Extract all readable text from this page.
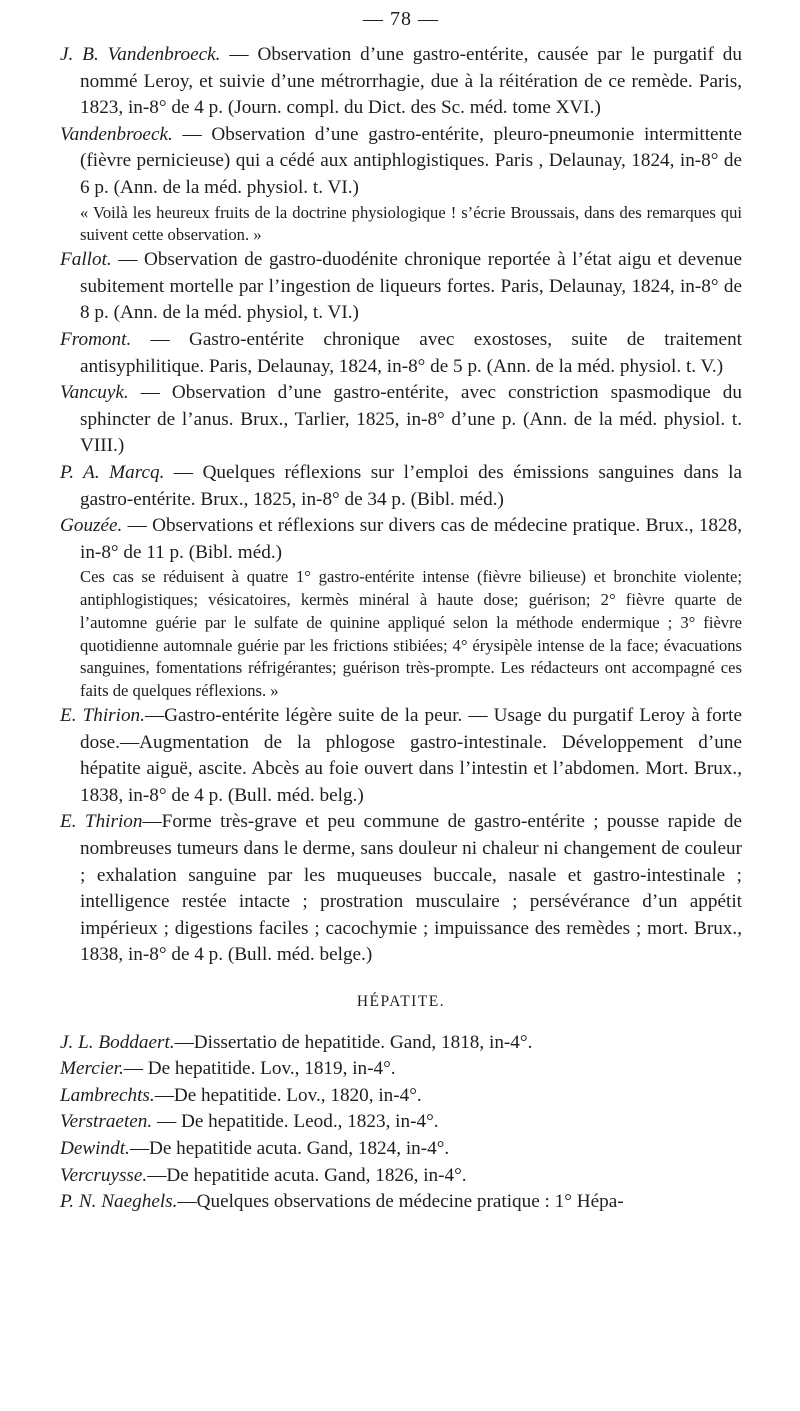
— 78 —

J. B. Vandenbroeck. — Observation d’une gastro-entérite, causée par le purgatif du nommé Leroy, et suivie d’une métrorrhagie, due à la réitération de ce remède. Paris, 1823, in-8° de 4 p. (Journ. compl. du Dict. des Sc. méd. tome XVI.)

Vandenbroeck. — Observation d’une gastro-entérite, pleuro-pneumonie intermittente (fièvre pernicieuse) qui a cédé aux antiphlogistiques. Paris , Delaunay, 1824, in-8° de 6 p. (Ann. de la méd. physiol. t. VI.)

« Voilà les heureux fruits de la doctrine physiologique ! s’écrie Broussais, dans des remarques qui suivent cette observation. »

Fallot. — Observation de gastro-duodénite chronique reportée à l’état aigu et devenue subitement mortelle par l’ingestion de liqueurs fortes. Paris, Delaunay, 1824, in-8° de 8 p. (Ann. de la méd. physiol, t. VI.)

Fromont. — Gastro-entérite chronique avec exostoses, suite de traitement antisyphilitique. Paris, Delaunay, 1824, in-8° de 5 p. (Ann. de la méd. physiol. t. V.)

Vancuyk. — Observation d’une gastro-entérite, avec constriction spasmodique du sphincter de l’anus. Brux., Tarlier, 1825, in-8° d’une p. (Ann. de la méd. physiol. t. VIII.)

P. A. Marcq. — Quelques réflexions sur l’emploi des émissions sanguines dans la gastro-entérite. Brux., 1825, in-8° de 34 p. (Bibl. méd.)

Gouzée. — Observations et réflexions sur divers cas de médecine pratique. Brux., 1828, in-8° de 11 p. (Bibl. méd.)

Ces cas se réduisent à quatre 1° gastro-entérite intense (fièvre bilieuse) et bronchite violente; antiphlogistiques; vésicatoires, kermès minéral à haute dose; guérison; 2° fièvre quarte de l’automne guérie par le sulfate de quinine appliqué selon la méthode endermique ; 3° fièvre quotidienne automnale guérie par les frictions stibiées; 4° érysipèle intense de la face; évacuations sanguines, fomentations réfrigérantes; guérison très-prompte. Les rédacteurs ont accompagné ces faits de quelques réflexions. »

E. Thirion.—Gastro-entérite légère suite de la peur. — Usage du purgatif Leroy à forte dose.—Augmentation de la phlogose gastro-intestinale. Développement d’une hépatite aiguë, ascite. Abcès au foie ouvert dans l’intestin et l’abdomen. Mort. Brux., 1838, in-8° de 4 p. (Bull. méd. belg.)

E. Thirion—Forme très-grave et peu commune de gastro-entérite ; pousse rapide de nombreuses tumeurs dans le derme, sans douleur ni chaleur ni changement de couleur ; exhalation sanguine par les muqueuses buccale, nasale et gastro-intestinale ; intelligence restée intacte ; prostration musculaire ; persévérance d’un appétit impérieux ; digestions faciles ; cacochymie ; impuissance des remèdes ; mort. Brux., 1838, in-8° de 4 p. (Bull. méd. belge.)

HÉPATITE.

J. L. Boddaert.—Dissertatio de hepatitide. Gand, 1818, in-4°.

Mercier.— De hepatitide. Lov., 1819, in-4°.

Lambrechts.—De hepatitide. Lov., 1820, in-4°.

Verstraeten. — De hepatitide. Leod., 1823, in-4°.

Dewindt.—De hepatitide acuta. Gand, 1824, in-4°.

Vercruysse.—De hepatitide acuta. Gand, 1826, in-4°.

P. N. Naeghels.—Quelques observations de médecine pratique : 1° Hépa-
